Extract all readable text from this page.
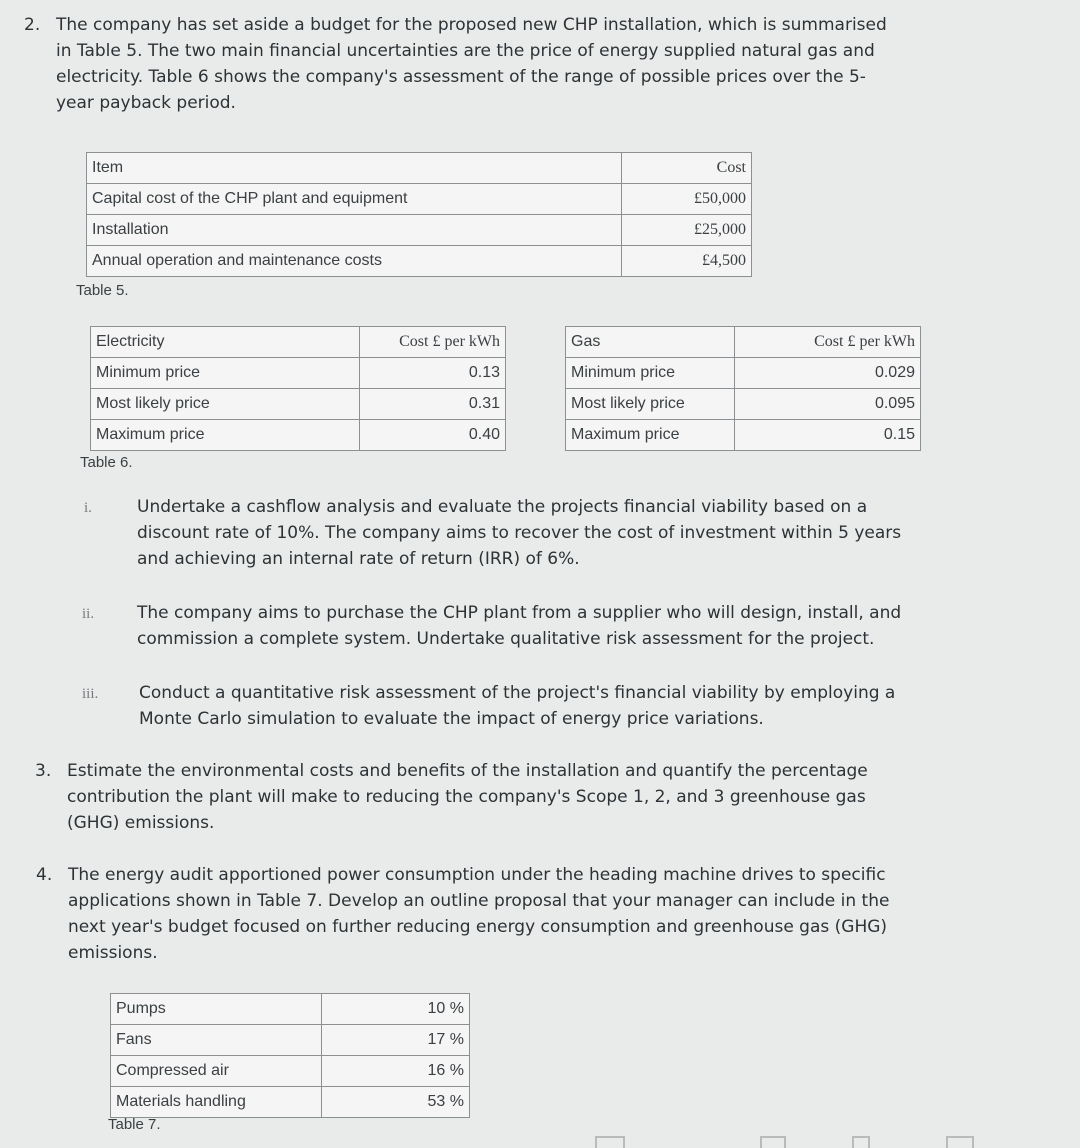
2. The company has set aside a budget for the proposed new CHP installation, which is summarised
in Table 5. The two main financial uncertainties are the price of energy supplied natural gas and
electricity. Table 6 shows the company's assessment of the range of possible prices over the 5-
year payback period.
Item	Cost
Capital cost of the CHP plant and equipment	£50,000
Installation	£25,000
Annual operation and maintenance costs	£4,500
Table 5.
Electricity	Cost £ per kWh
Minimum price	0.13
Most likely price	0.31
Maximum price	0.40
Gas	Cost £ per kWh
Minimum price	0.029
Most likely price	0.095
Maximum price	0.15
Table 6.
i.	Undertake a cashflow analysis and evaluate the projects financial viability based on a
discount rate of 10%. The company aims to recover the cost of investment within 5 years
and achieving an internal rate of return (IRR) of 6%.
ii.	The company aims to purchase the CHP plant from a supplier who will design, install, and
commission a complete system. Undertake qualitative risk assessment for the project.
iii. Conduct a quantitative risk assessment of the project's financial viability by employing a
Monte Carlo simulation to evaluate the impact of energy price variations.
3. Estimate the environmental costs and benefits of the installation and quantify the percentage
contribution the plant will make to reducing the company's Scope 1, 2, and 3 greenhouse gas
(GHG) emissions.
4. The energy audit apportioned power consumption under the heading machine drives to specific
applications shown in Table 7. Develop an outline proposal that your manager can include in the
next year's budget focused on further reducing energy consumption and greenhouse gas (GHG)
emissions.
Pumps	10 %
Fans	17 %
Compressed air	16 %
Materials handling	53 %
Table 7.
